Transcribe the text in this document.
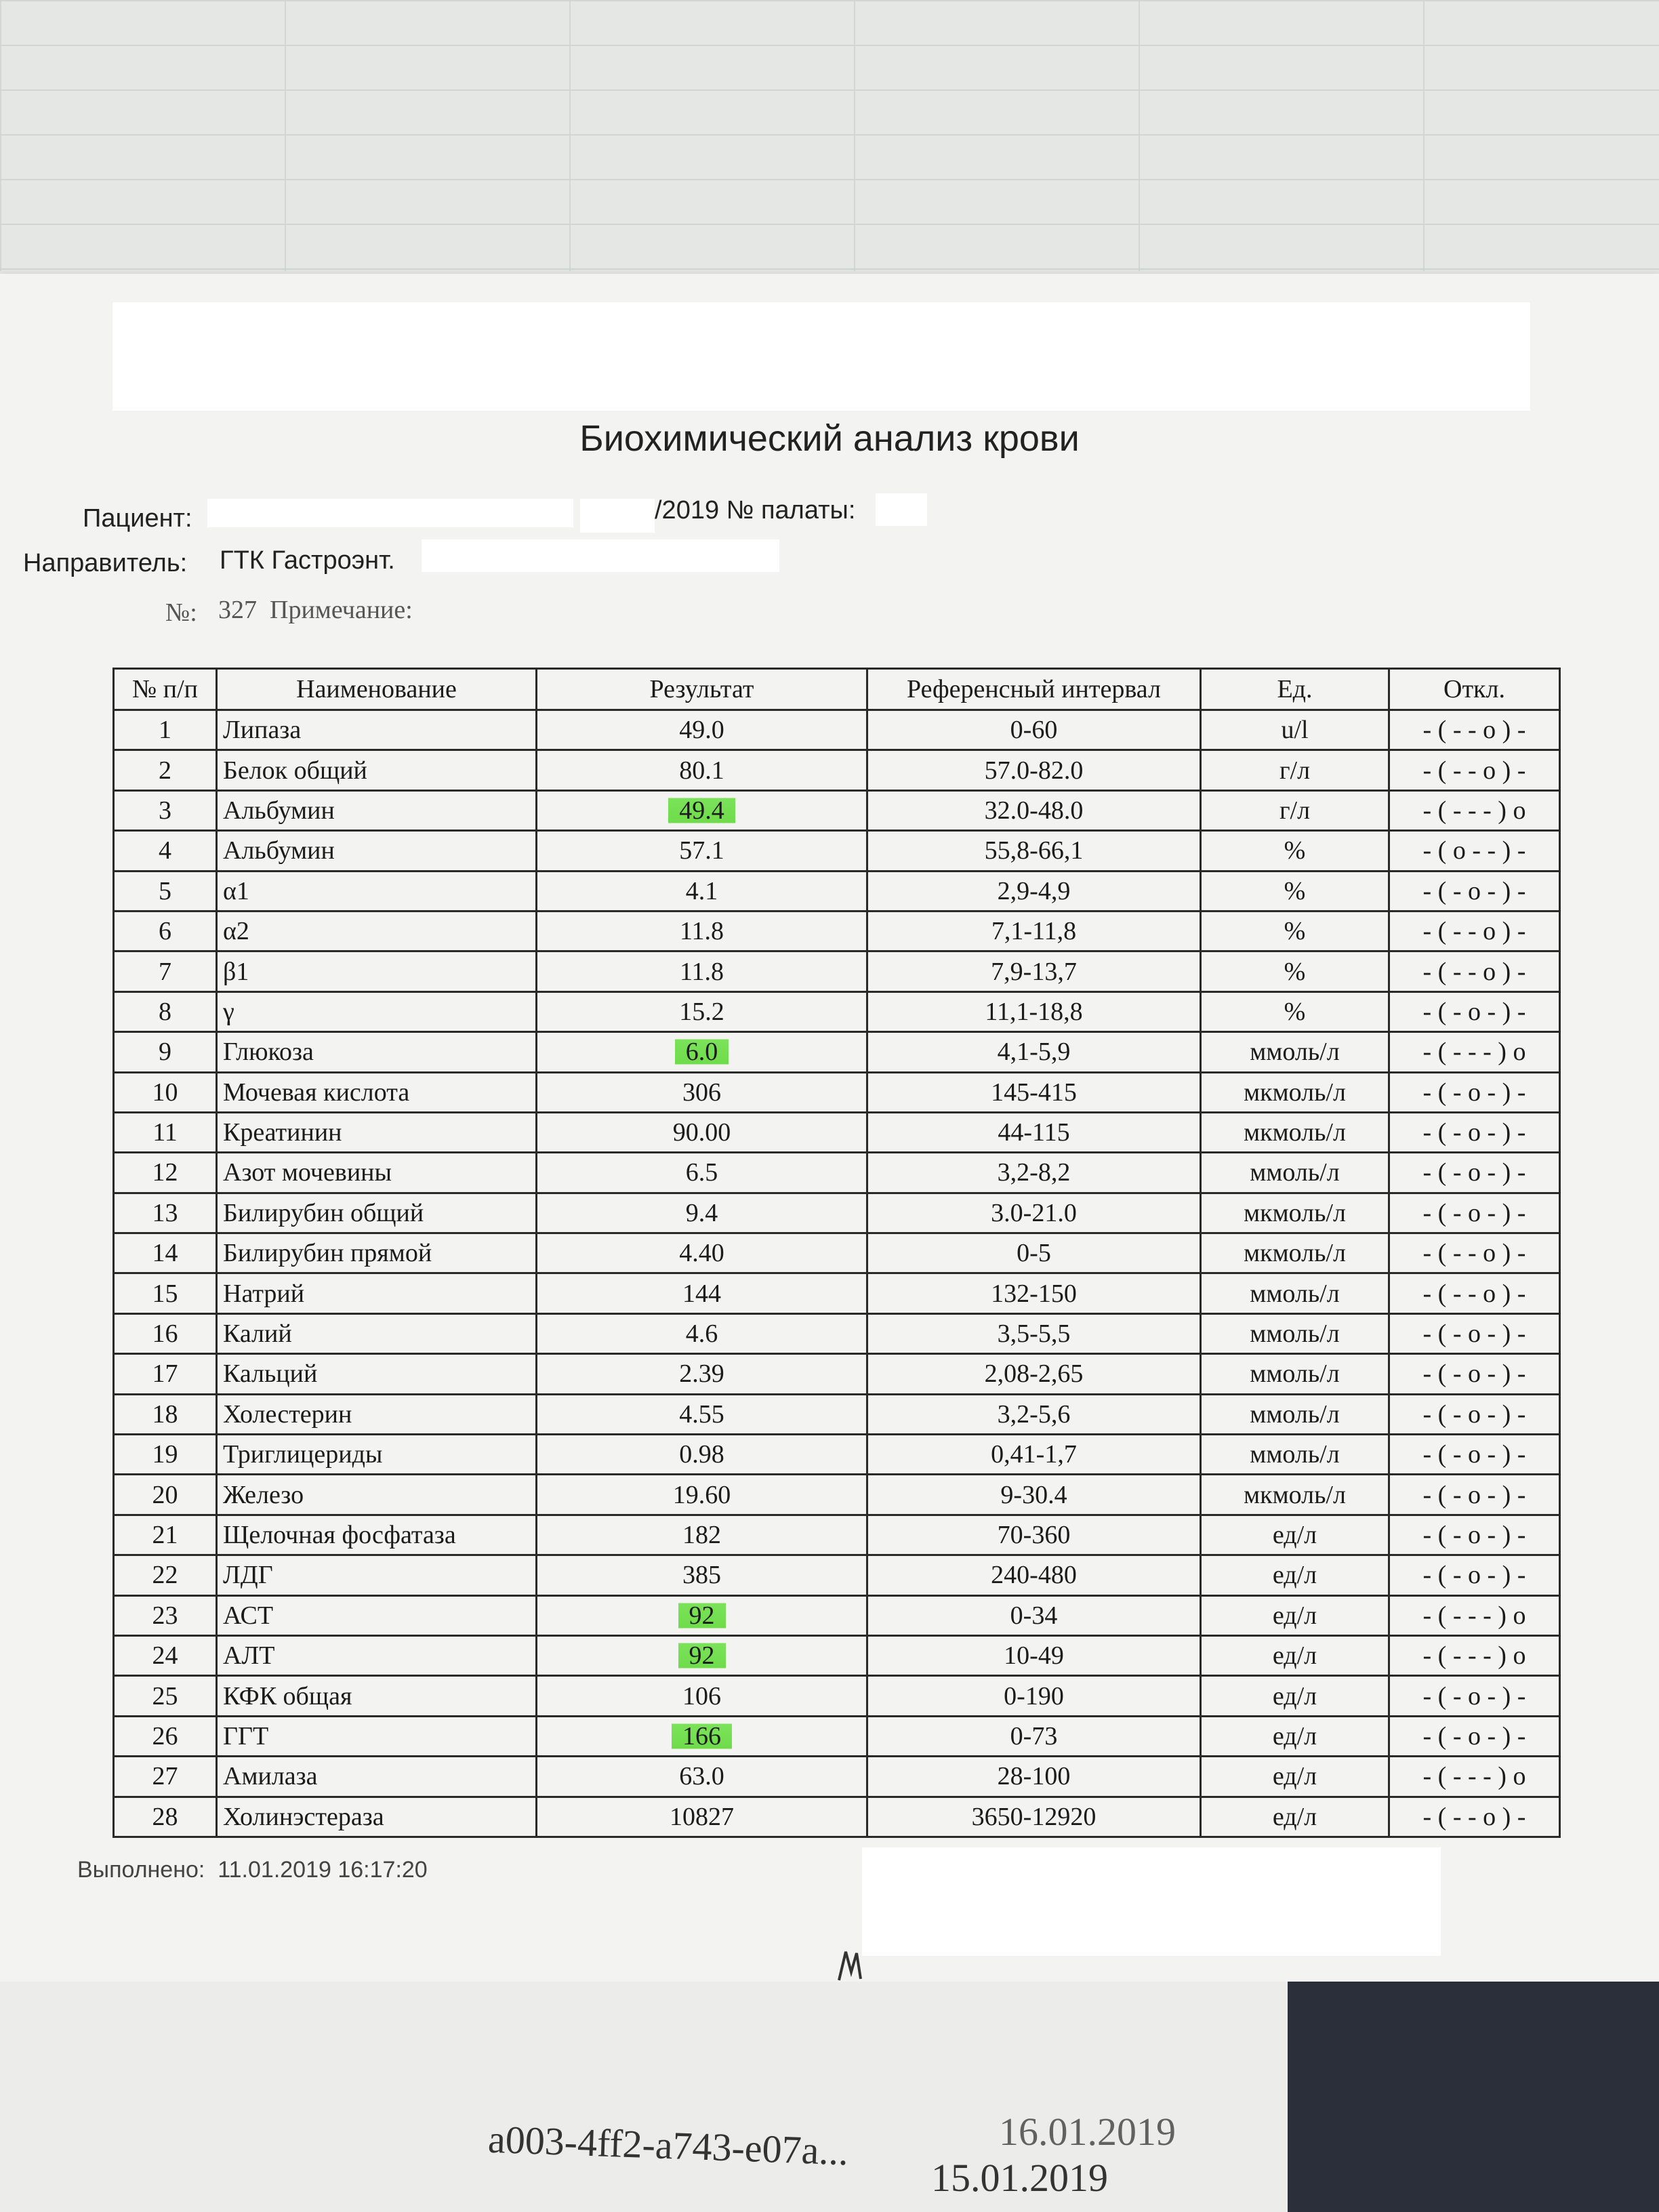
Биохимический анализ крови
Пациент:	/2019 № палаты:
Направитель: ГТК Гастроэнт.
№: 327 Примечание:
№ п/п	Наименование	Результат	Референсный интервал	Ед.	Откл.
1	Липаза	49.0	0-60	u/l	- ( - - о ) -
2	Белок общий	80.1	57.0-82.0	г/л	- ( - - о ) -
3	Альбумин	49.4	32.0-48.0	г/л	- ( - - - ) о
4	Альбумин	57.1	55,8-66,1	%	- ( о - - ) -
5	α1	4.1	2,9-4,9	%	- ( - о - ) -
6	α2	11.8	7,1-11,8	%	- ( - - о ) -
7	β1	11.8	7,9-13,7	%	- ( - - о ) -
8	γ	15.2	11,1-18,8	%	- ( - о - ) -
9	Глюкоза	6.0	4,1-5,9	ммоль/л	- ( - - - ) о
10	Мочевая кислота	306	145-415	мкмоль/л	- ( - о - ) -
11	Креатинин	90.00	44-115	мкмоль/л	- ( - о - ) -
12	Азот мочевины	6.5	3,2-8,2	ммоль/л	- ( - о - ) -
13	Билирубин общий	9.4	3.0-21.0	мкмоль/л	- ( - о - ) -
14	Билирубин прямой	4.40	0-5	мкмоль/л	- ( - - о ) -
15	Натрий	144	132-150	ммоль/л	- ( - - о ) -
16	Калий	4.6	3,5-5,5	ммоль/л	- ( - о - ) -
17	Кальций	2.39	2,08-2,65	ммоль/л	- ( - о - ) -
18	Холестерин	4.55	3,2-5,6	ммоль/л	- ( - о - ) -
19	Триглицериды	0.98	0,41-1,7	ммоль/л	- ( - о - ) -
20	Железо	19.60	9-30.4	мкмоль/л	- ( - о - ) -
21	Щелочная фосфатаза	182	70-360	ед/л	- ( - о - ) -
22	ЛДГ	385	240-480	ед/л	- ( - о - ) -
23	АСТ	92	0-34	ед/л	- ( - - - ) о
24	АЛТ	92	10-49	ед/л	- ( - - - ) о
25	КФК общая	106	0-190	ед/л	- ( - о - ) -
26	ГГТ	166	0-73	ед/л	- ( - о - ) -
27	Амилаза	63.0	28-100	ед/л	- ( - - - ) о
28	Холинэстераза	10827	3650-12920	ед/л	- ( - - о ) -
Выполнено: 11.01.2019 16:17:20
a003-4ff2-a743-e07a...
15.01.2019
16.01.2019
